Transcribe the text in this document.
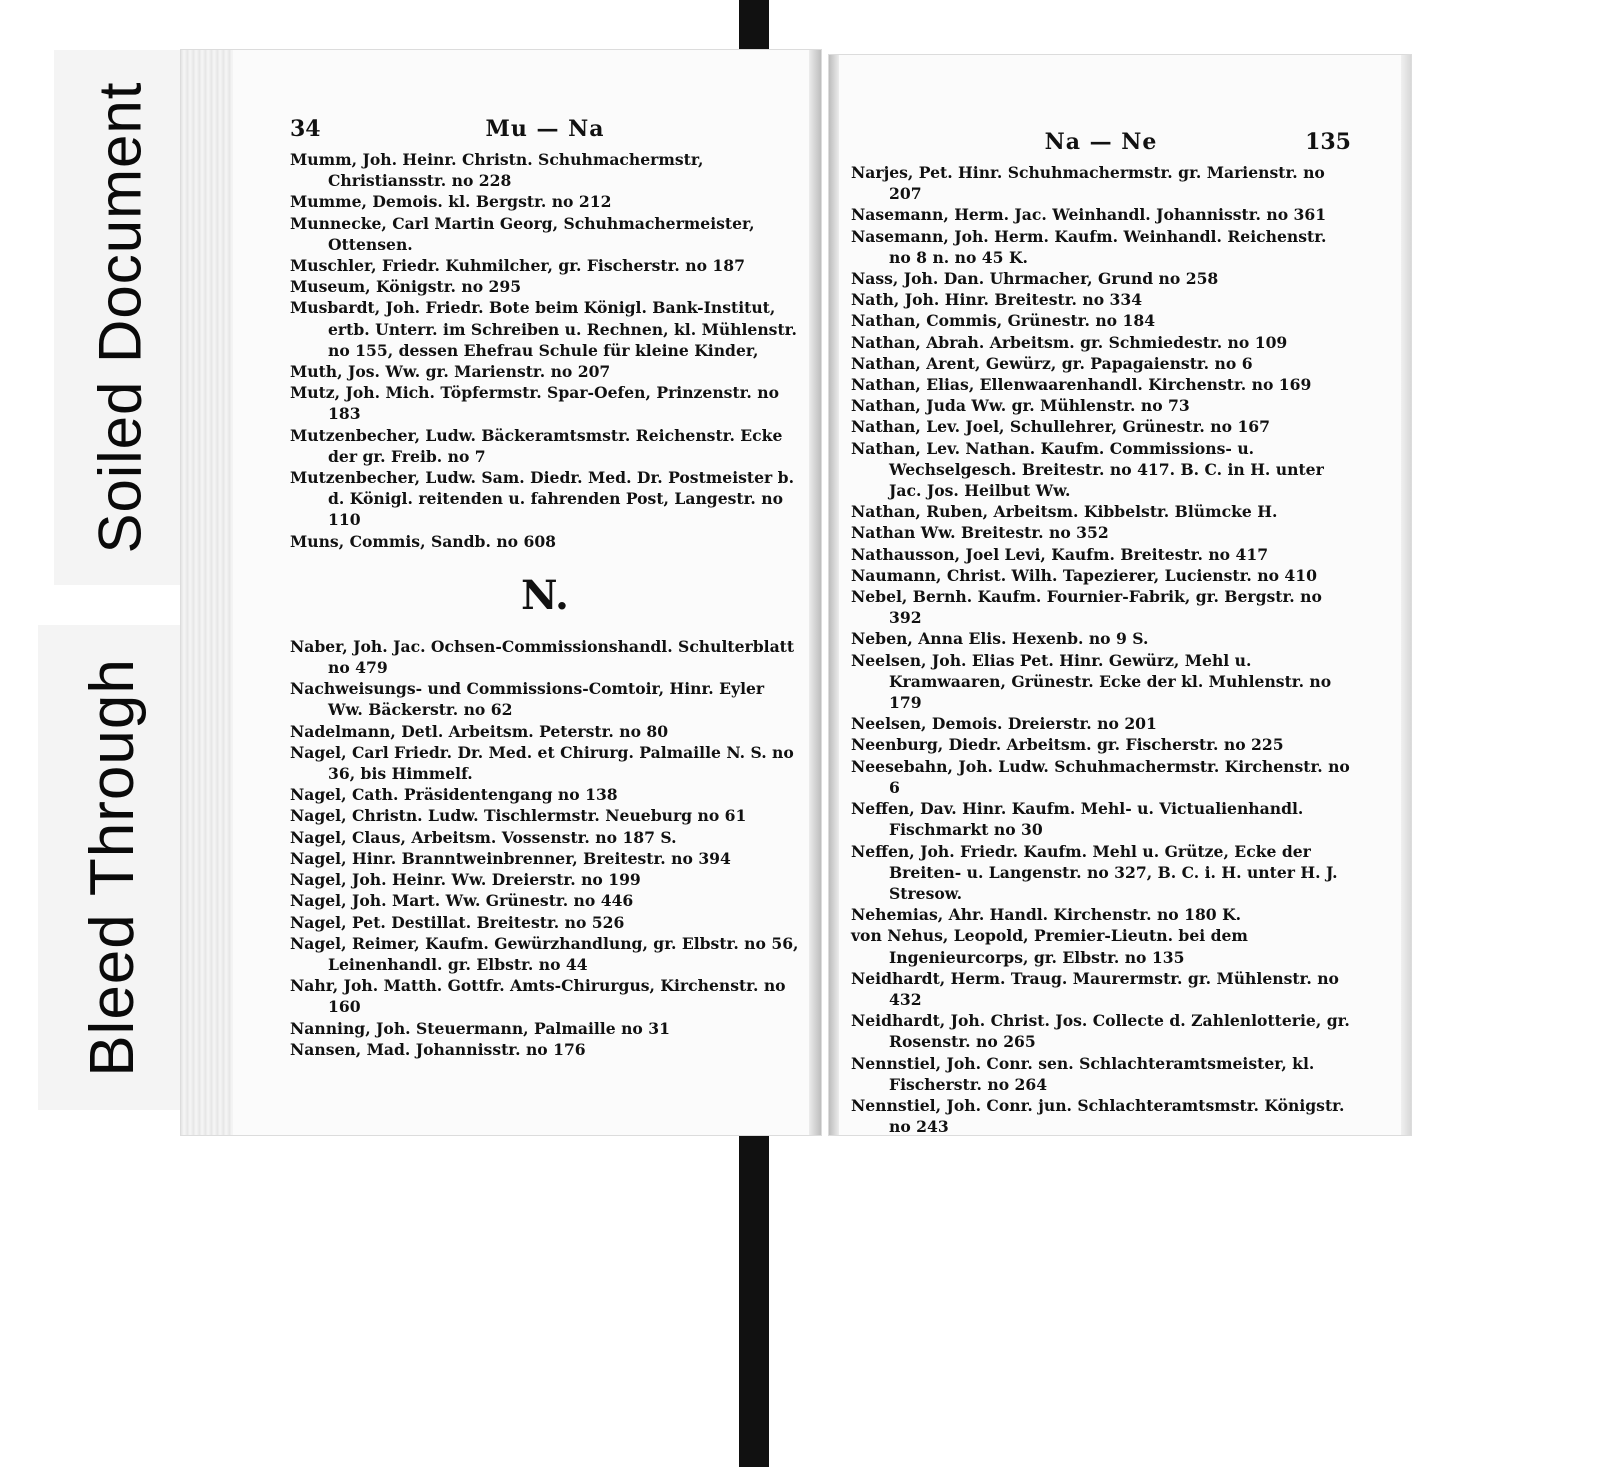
Soiled Document
Bleed Through
34	Mu — Na

Mumm, Joh. Heinr. Christn. Schuhmachermstr, Christiansstr. no 228

Mumme, Demois. kl. Bergstr. no 212

Munnecke, Carl Martin Georg, Schuhmachermeister, Ottensen.

Muschler, Friedr. Kuhmilcher, gr. Fischerstr. no 187

Museum, Königstr. no 295

Musbardt, Joh. Friedr. Bote beim Königl. Bank-Institut, ertb. Unterr. im Schreiben u. Rechnen, kl. Mühlenstr. no 155, dessen Ehefrau Schule für kleine Kinder,

Muth, Jos. Ww. gr. Marienstr. no 207

Mutz, Joh. Mich. Töpfermstr. Spar-Oefen, Prinzenstr. no 183

Mutzenbecher, Ludw. Bäckeramtsmstr. Reichenstr. Ecke der gr. Freib. no 7

Mutzenbecher, Ludw. Sam. Diedr. Med. Dr. Postmeister b. d. Königl. reitenden u. fahrenden Post, Langestr. no 110

Muns, Commis, Sandb. no 608

N.

Naber, Joh. Jac. Ochsen-Commissionshandl. Schulterblatt no 479

Nachweisungs- und Commissions-Comtoir, Hinr. Eyler Ww. Bäckerstr. no 62

Nadelmann, Detl. Arbeitsm. Peterstr. no 80

Nagel, Carl Friedr. Dr. Med. et Chirurg. Palmaille N. S. no 36, bis Himmelf.

Nagel, Cath. Präsidentengang no 138

Nagel, Christn. Ludw. Tischlermstr. Neueburg no 61

Nagel, Claus, Arbeitsm. Vossenstr. no 187 S.

Nagel, Hinr. Branntweinbrenner, Breitestr. no 394

Nagel, Joh. Heinr. Ww. Dreierstr. no 199

Nagel, Joh. Mart. Ww. Grünestr. no 446

Nagel, Pet. Destillat. Breitestr. no 526

Nagel, Reimer, Kaufm. Gewürzhandlung, gr. Elbstr. no 56, Leinenhandl. gr. Elbstr. no 44

Nahr, Joh. Matth. Gottfr. Amts-Chirurgus, Kirchenstr. no 160

Nanning, Joh. Steuermann, Palmaille no 31

Nansen, Mad. Johannisstr. no 176

Na — Ne	135

Narjes, Pet. Hinr. Schuhmachermstr. gr. Marienstr. no 207

Nasemann, Herm. Jac. Weinhandl. Johannisstr. no 361

Nasemann, Joh. Herm. Kaufm. Weinhandl. Reichenstr. no 8 n. no 45 K.

Nass, Joh. Dan. Uhrmacher, Grund no 258

Nath, Joh. Hinr. Breitestr. no 334

Nathan, Commis, Grünestr. no 184

Nathan, Abrah. Arbeitsm. gr. Schmiedestr. no 109

Nathan, Arent, Gewürz, gr. Papagaienstr. no 6

Nathan, Elias, Ellenwaarenhandl. Kirchenstr. no 169

Nathan, Juda Ww. gr. Mühlenstr. no 73

Nathan, Lev. Joel, Schullehrer, Grünestr. no 167

Nathan, Lev. Nathan. Kaufm. Commissions- u. Wechselgesch. Breitestr. no 417. B. C. in H. unter Jac. Jos. Heilbut Ww.

Nathan, Ruben, Arbeitsm. Kibbelstr. Blümcke H.

Nathan Ww. Breitestr. no 352

Nathausson, Joel Levi, Kaufm. Breitestr. no 417

Naumann, Christ. Wilh. Tapezierer, Lucienstr. no 410

Nebel, Bernh. Kaufm. Fournier-Fabrik, gr. Bergstr. no 392

Neben, Anna Elis. Hexenb. no 9 S.

Neelsen, Joh. Elias Pet. Hinr. Gewürz, Mehl u. Kramwaaren, Grünestr. Ecke der kl. Muhlenstr. no 179

Neelsen, Demois. Dreierstr. no 201

Neenburg, Diedr. Arbeitsm. gr. Fischerstr. no 225

Neesebahn, Joh. Ludw. Schuhmachermstr. Kirchenstr. no 6

Neffen, Dav. Hinr. Kaufm. Mehl- u. Victualienhandl. Fischmarkt no 30

Neffen, Joh. Friedr. Kaufm. Mehl u. Grütze, Ecke der Breiten- u. Langenstr. no 327, B. C. i. H. unter H. J. Stresow.

Nehemias, Ahr. Handl. Kirchenstr. no 180 K.

von Nehus, Leopold, Premier-Lieutn. bei dem Ingenieurcorps, gr. Elbstr. no 135

Neidhardt, Herm. Traug. Maurermstr. gr. Mühlenstr. no 432

Neidhardt, Joh. Christ. Jos. Collecte d. Zahlenlotterie, gr. Rosenstr. no 265

Nennstiel, Joh. Conr. sen. Schlachteramtsmeister, kl. Fischerstr. no 264

Nennstiel, Joh. Conr. jun. Schlachteramtsmstr. Königstr. no 243
